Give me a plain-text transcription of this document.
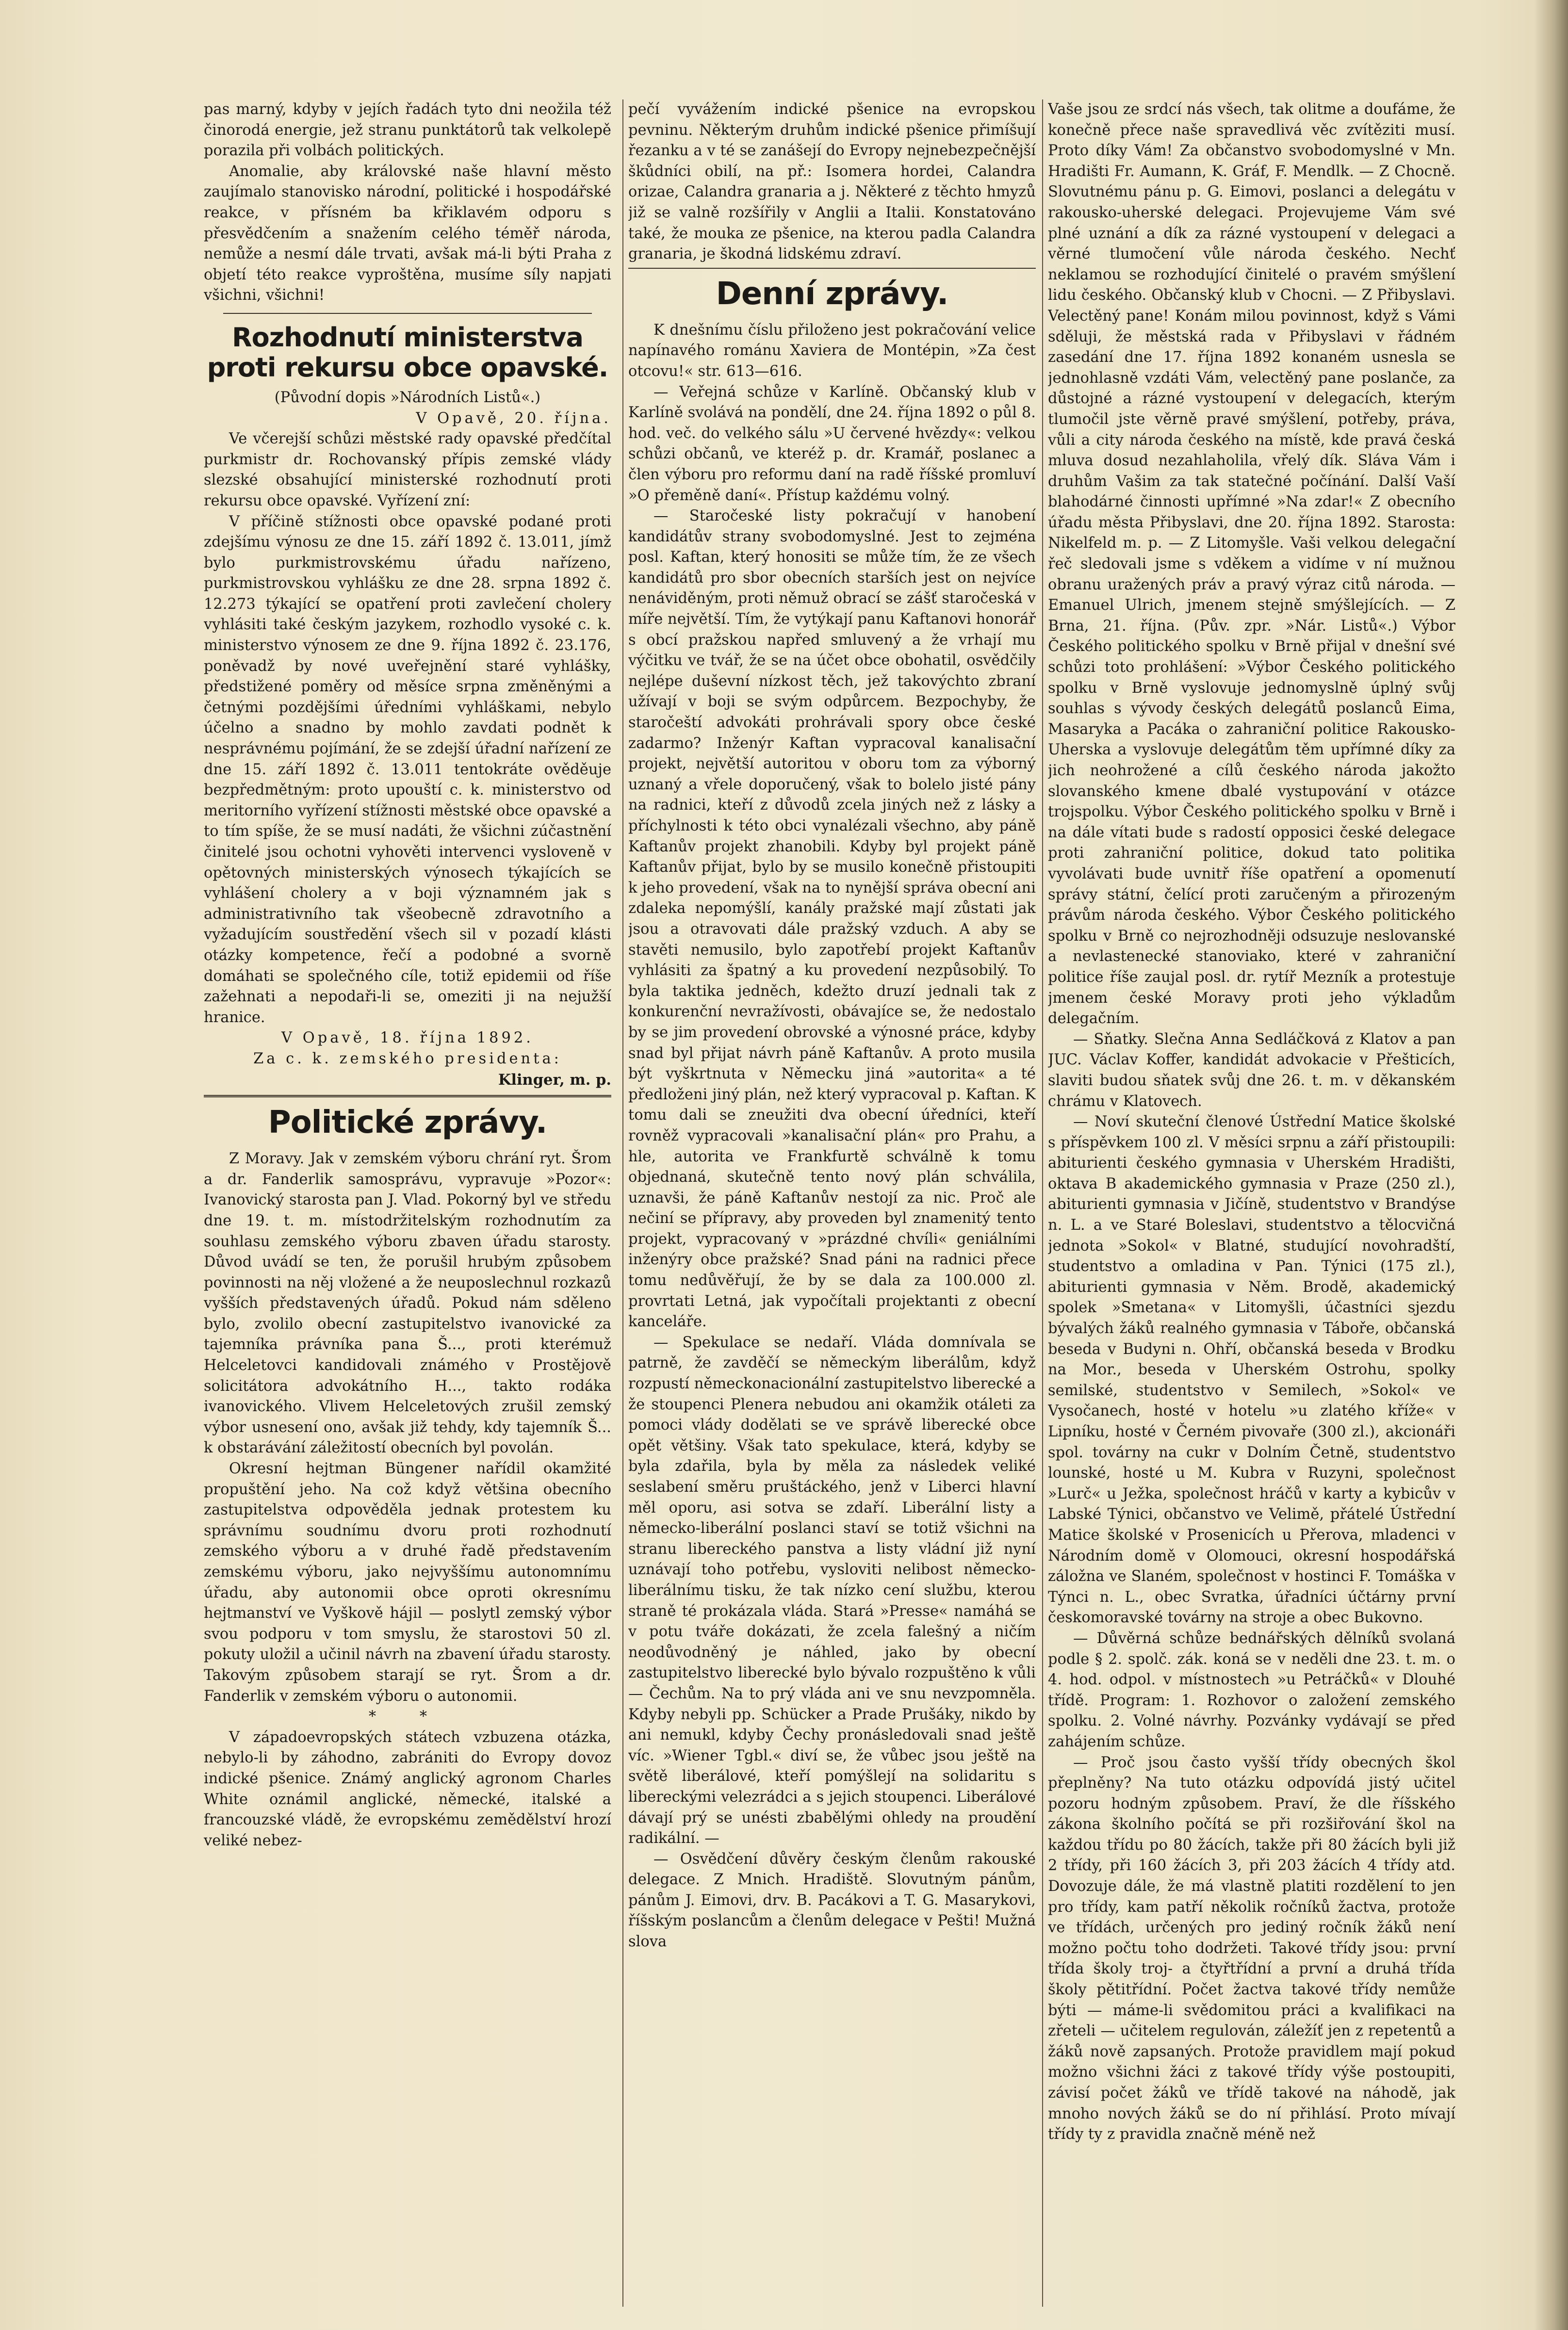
pas marný, kdyby v jejích řadách tyto dni neožila též činorodá energie, jež stranu punktátorů tak velkolepě porazila při volbách politických.

Anomalie, aby královské naše hlavní město zaujímalo stanovisko národní, politické i hospodářské reakce, v přísném ba křiklavém odporu s přesvědčením a snažením celého téměř národa, nemůže a nesmí dále trvati, avšak má-li býti Praha z objetí této reakce vyproštěna, musíme síly napjati všichni, všichni!

Rozhodnutí ministerstva proti rekursu obce opavské.

(Původní dopis »Národních Listů«.)

V Opavě, 20. října.

Ve včerejší schůzi městské rady opavské předčítal purkmistr dr. Rochovanský přípis zemské vlády slezské obsahující ministerské rozhodnutí proti rekursu obce opavské. Vyřízení zní:

V příčině stížnosti obce opavské podané proti zdejšímu výnosu ze dne 15. září 1892 č. 13.011, jímž bylo purkmistrovskému úřadu nařízeno, purkmistrovskou vyhlášku ze dne 28. srpna 1892 č. 12.273 týkající se opatření proti zavlečení cholery vyhlásiti také českým jazykem, rozhodlo vysoké c. k. ministerstvo výnosem ze dne 9. října 1892 č. 23.176, poněvadž by nové uveřejnění staré vyhlášky, předstižené poměry od měsíce srpna změněnými a četnými pozdějšími úředními vyhláškami, nebylo účelno a snadno by mohlo zavdati podnět k nesprávnému pojímání, že se zdejší úřadní nařízení ze dne 15. září 1892 č. 13.011 tentokráte ověděuje bezpředmětným: proto upouští c. k. ministerstvo od meritorního vyřízení stížnosti městské obce opavské a to tím spíše, že se musí nadáti, že všichni zúčastnění činitelé jsou ochotni vyhověti intervenci vysloveně v opětovných ministerských výnosech týkajících se vyhlášení cholery a v boji významném jak s administrativního tak všeobecně zdravotního a vyžadujícím soustředění všech sil v pozadí klásti otázky kompetence, řečí a podobné a svorně domáhati se společného cíle, totiž epidemii od říše zažehnati a nepodaři-li se, omeziti ji na nejužší hranice.

V Opavě, 18. října 1892.

Za c. k. zemského presidenta:

Klinger, m. p.

Politické zprávy.

Z Moravy. Jak v zemském výboru chrání ryt. Šrom a dr. Fanderlik samosprávu, vypravuje »Pozor«: Ivanovický starosta pan J. Vlad. Pokorný byl ve středu dne 19. t. m. místodržitelským rozhodnutím za souhlasu zemského výboru zbaven úřadu starosty. Důvod uvádí se ten, že porušil hrubým způsobem povinnosti na něj vložené a že neuposlechnul rozkazů vyšších představených úřadů. Pokud nám sděleno bylo, zvolilo obecní zastupitelstvo ivanovické za tajemníka právníka pana Š..., proti kterémuž Helceletovci kandidovali známého v Prostějově solicitátora advokátního H..., takto rodáka ivanovického. Vlivem Helceletových zrušil zemský výbor usnesení ono, avšak již tehdy, kdy tajemník Š... k obstarávání záležitostí obecních byl povolán.

Okresní hejtman Büngener nařídil okamžité propuštění jeho. Na což když většina obecního zastupitelstva odpověděla jednak protestem ku správnímu soudnímu dvoru proti rozhodnutí zemského výboru a v druhé řadě představením zemskému výboru, jako nejvyššímu autonomnímu úřadu, aby autonomii obce oproti okresnímu hejtmanství ve Vyškově hájil — poslytl zemský výbor svou podporu v tom smyslu, že starostovi 50 zl. pokuty uložil a učinil návrh na zbavení úřadu starosty. Takovým způsobem starají se ryt. Šrom a dr. Fanderlik v zemském výboru o autonomii.

* *

V západoevropských státech vzbuzena otázka, nebylo-li by záhodno, zabrániti do Evropy dovoz indické pšenice. Známý anglický agronom Charles White oznámil anglické, německé, italské a francouzské vládě, že evropskému zemědělství hrozí veliké nebez-

pečí vyvážením indické pšenice na evropskou pevninu. Některým druhům indické pšenice přimíšují řezanku a v té se zanášejí do Evropy nejnebezpečnější škůdníci obilí, na př.: Isomera hordei, Calandra orizae, Calandra granaria a j. Některé z těchto hmyzů již se valně rozšířily v Anglii a Italii. Konstatováno také, že mouka ze pšenice, na kterou padla Calandra granaria, je škodná lidskému zdraví.

Denní zprávy.

K dnešnímu číslu přiloženo jest pokračování velice napínavého románu Xaviera de Montépin, »Za čest otcovu!« str. 613—616.

— Veřejná schůze v Karlíně. Občanský klub v Karlíně svolává na pondělí, dne 24. října 1892 o půl 8. hod. več. do velkého sálu »U červené hvězdy«: velkou schůzi občanů, ve kteréž p. dr. Kramář, poslanec a člen výboru pro reformu daní na radě říšské promluví »O přeměně daní«. Přístup každému volný.

— Staročeské listy pokračují v hanobení kandidátův strany svobodomyslné. Jest to zejména posl. Kaftan, který honositi se může tím, že ze všech kandidátů pro sbor obecních starších jest on nejvíce nenáviděným, proti němuž obrací se zášť staročeská v míře největší. Tím, že vytýkají panu Kaftanovi honorář s obcí pražskou napřed smluvený a že vrhají mu výčitku ve tvář, že se na účet obce obohatil, osvědčily nejlépe duševní nízkost těch, jež takovýchto zbraní užívají v boji se svým odpůrcem. Bezpochyby, že staročeští advokáti prohrávali spory obce české zadarmo? Inženýr Kaftan vypracoval kanalisační projekt, největší autoritou v oboru tom za výborný uznaný a vřele doporučený, však to bolelo jisté pány na radnici, kteří z důvodů zcela jiných než z lásky a příchylnosti k této obci vynalézali všechno, aby páně Kaftanův projekt zhanobili. Kdyby byl projekt páně Kaftanův přijat, bylo by se musilo konečně přistoupiti k jeho provedení, však na to nynější správa obecní ani zdaleka nepomýšlí, kanály pražské mají zůstati jak jsou a otravovati dále pražský vzduch. A aby se stavěti nemusilo, bylo zapotřebí projekt Kaftanův vyhlásiti za špatný a ku provedení nezpůsobilý. To byla taktika jedněch, kdežto druzí jednali tak z konkurenční nevražívosti, obávajíce se, že nedostalo by se jim provedení obrovské a výnosné práce, kdyby snad byl přijat návrh páně Kaftanův. A proto musila být vyškrtnuta v Německu jiná »autorita« a té předloženi jiný plán, než který vypracoval p. Kaftan. K tomu dali se zneužiti dva obecní úředníci, kteří rovněž vypracovali »kanalisační plán« pro Prahu, a hle, autorita ve Frankfurtě schválně k tomu objednaná, skutečně tento nový plán schválila, uznavši, že páně Kaftanův nestojí za nic. Proč ale nečiní se přípravy, aby proveden byl znamenitý tento projekt, vypracovaný v »prázdné chvíli« geniálními inženýry obce pražské? Snad páni na radnici přece tomu nedůvěřují, že by se dala za 100.000 zl. provrtati Letná, jak vypočítali projektanti z obecní kanceláře.

— Spekulace se nedaří. Vláda domnívala se patrně, že zavděčí se německým liberálům, když rozpustí německonacionální zastupitelstvo liberecké a že stoupenci Plenera nebudou ani okamžik otáleti za pomoci vlády dodělati se ve správě liberecké obce opět většiny. Však tato spekulace, která, kdyby se byla zdařila, byla by měla za následek veliké seslabení směru pruštáckého, jenž v Liberci hlavní měl oporu, asi sotva se zdaří. Liberální listy a německo-liberální poslanci staví se totiž všichni na stranu libereckého panstva a listy vládní již nyní uznávají toho potřebu, vysloviti nelibost německo-liberálnímu tisku, že tak nízko cení službu, kterou straně té prokázala vláda. Stará »Presse« namáhá se v potu tváře dokázati, že zcela falešný a ničím neodůvodněný je náhled, jako by obecní zastupitelstvo liberecké bylo bývalo rozpuštěno k vůli — Čechům. Na to prý vláda ani ve snu nevzpomněla. Kdyby nebyli pp. Schücker a Prade Prušáky, nikdo by ani nemukl, kdyby Čechy pronásledovali snad ještě víc. »Wiener Tgbl.« diví se, že vůbec jsou ještě na světě liberálové, kteří pomýšlejí na solidaritu s libereckými velezrádci a s jejich stoupenci. Liberálové dávají prý se unésti zbabělými ohledy na proudění radikální. —

— Osvědčení důvěry českým členům rakouské delegace. Z Mnich. Hradiště. Slovutným pánům, pánům J. Eimovi, drv. B. Pacákovi a T. G. Masarykovi, říšským poslancům a členům delegace v Pešti! Mužná slova

Vaše jsou ze srdcí nás všech, tak olitme a doufáme, že konečně přece naše spravedlivá věc zvítěziti musí. Proto díky Vám! Za občanstvo svobodomyslné v Mn. Hradišti Fr. Aumann, K. Gráf, F. Mendlk. — Z Chocně. Slovutnému pánu p. G. Eimovi, poslanci a delegátu v rakousko-uherské delegaci. Projevujeme Vám své plné uznání a dík za rázné vystoupení v delegaci a věrné tlumočení vůle národa českého. Nechť neklamou se rozhodující činitelé o pravém smýšlení lidu českého. Občanský klub v Chocni. — Z Přibyslavi. Velectěný pane! Konám milou povinnost, když s Vámi sděluji, že městská rada v Přibyslavi v řádném zasedání dne 17. října 1892 konaném usnesla se jednohlasně vzdáti Vám, velectěný pane poslanče, za důstojné a rázné vystoupení v delegacích, kterým tlumočil jste věrně pravé smýšlení, potřeby, práva, vůli a city národa českého na místě, kde pravá česká mluva dosud nezahlaholila, vřelý dík. Sláva Vám i druhům Vašim za tak statečné počínání. Další Vaší blahodárné činnosti upřímné »Na zdar!« Z obecního úřadu města Přibyslavi, dne 20. října 1892. Starosta: Nikelfeld m. p. — Z Litomyšle. Vaši velkou delegační řeč sledovali jsme s vděkem a vidíme v ní mužnou obranu uražených práv a pravý výraz citů národa. — Emanuel Ulrich, jmenem stejně smýšlejících. — Z Brna, 21. října. (Pův. zpr. »Nár. Listů«.) Výbor Českého politického spolku v Brně přijal v dnešní své schůzi toto prohlášení: »Výbor Českého politického spolku v Brně vyslovuje jednomyslně úplný svůj souhlas s vývody českých delegátů poslanců Eima, Masaryka a Pacáka o zahraniční politice Rakousko-Uherska a vyslovuje delegátům těm upřímné díky za jich neohrožené a cílů českého národa jakožto slovanského kmene dbalé vystupování v otázce trojspolku. Výbor Českého politického spolku v Brně i na dále vítati bude s radostí opposici české delegace proti zahraniční politice, dokud tato politika vyvolávati bude uvnitř říše opatření a opomenutí správy státní, čelící proti zaručeným a přirozeným právům národa českého. Výbor Českého politického spolku v Brně co nejrozhodněji odsuzuje neslovanské a nevlastenecké stanoviako, které v zahraniční politice říše zaujal posl. dr. rytíř Mezník a protestuje jmenem české Moravy proti jeho výkladům delegačním.

— Sňatky. Slečna Anna Sedláčková z Klatov a pan JUC. Václav Koffer, kandidát advokacie v Přešticích, slaviti budou sňatek svůj dne 26. t. m. v děkanském chrámu v Klatovech.

— Noví skuteční členové Ústřední Matice školské s příspěvkem 100 zl. V měsíci srpnu a září přistoupili: abiturienti českého gymnasia v Uherském Hradišti, oktava B akademického gymnasia v Praze (250 zl.), abiturienti gymnasia v Jičíně, studentstvo v Brandýse n. L. a ve Staré Boleslavi, studentstvo a tělocvičná jednota »Sokol« v Blatné, studující novohradští, studentstvo a omladina v Pan. Týnici (175 zl.), abiturienti gymnasia v Něm. Brodě, akademický spolek »Smetana« v Litomyšli, účastníci sjezdu bývalých žáků realného gymnasia v Táboře, občanská beseda v Budyni n. Ohří, občanská beseda v Brodku na Mor., beseda v Uherském Ostrohu, spolky semilské, studentstvo v Semilech, »Sokol« ve Vysočanech, hosté v hotelu »u zlatého kříže« v Lipníku, hosté v Černém pivovaře (300 zl.), akcionáři spol. továrny na cukr v Dolním Četně, studentstvo lounské, hosté u M. Kubra v Ruzyni, společnost »Lurč« u Ježka, společnost hráčů v karty a kybicův v Labské Týnici, občanstvo ve Velimě, přátelé Ústřední Matice školské v Prosenicích u Přerova, mladenci v Národním domě v Olomouci, okresní hospodářská záložna ve Slaném, společnost v hostinci F. Tomáška v Týnci n. L., obec Svratka, úřadníci účtárny první českomoravské továrny na stroje a obec Bukovno.

— Důvěrná schůze bednářských dělníků svolaná podle § 2. spolč. zák. koná se v neděli dne 23. t. m. o 4. hod. odpol. v místnostech »u Petráčků« v Dlouhé třídě. Program: 1. Rozhovor o založení zemského spolku. 2. Volné návrhy. Pozvánky vydávají se před zahájením schůze.

— Proč jsou často vyšší třídy obecných škol přeplněny? Na tuto otázku odpovídá jistý učitel pozoru hodným způsobem. Praví, že dle říšského zákona školního počítá se při rozšiřování škol na každou třídu po 80 žácích, takže při 80 žácích byli již 2 třídy, při 160 žácích 3, při 203 žácích 4 třídy atd. Dovozuje dále, že má vlastně platiti rozdělení to jen pro třídy, kam patří několik ročníků žactva, protože ve třídách, určených pro jediný ročník žáků není možno počtu toho dodržeti. Takové třídy jsou: první třída školy troj- a čtyřtřídní a první a druhá třída školy pětitřídní. Počet žactva takové třídy nemůže býti — máme-li svědomitou práci a kvalifikaci na zřeteli — učitelem regulován, záležíť jen z repetentů a žáků nově zapsaných. Protože pravidlem mají pokud možno všichni žáci z takové třídy výše postoupiti, závisí počet žáků ve třídě takové na náhodě, jak mnoho nových žáků se do ní přihlásí. Proto mívají třídy ty z pravidla značně méně než
